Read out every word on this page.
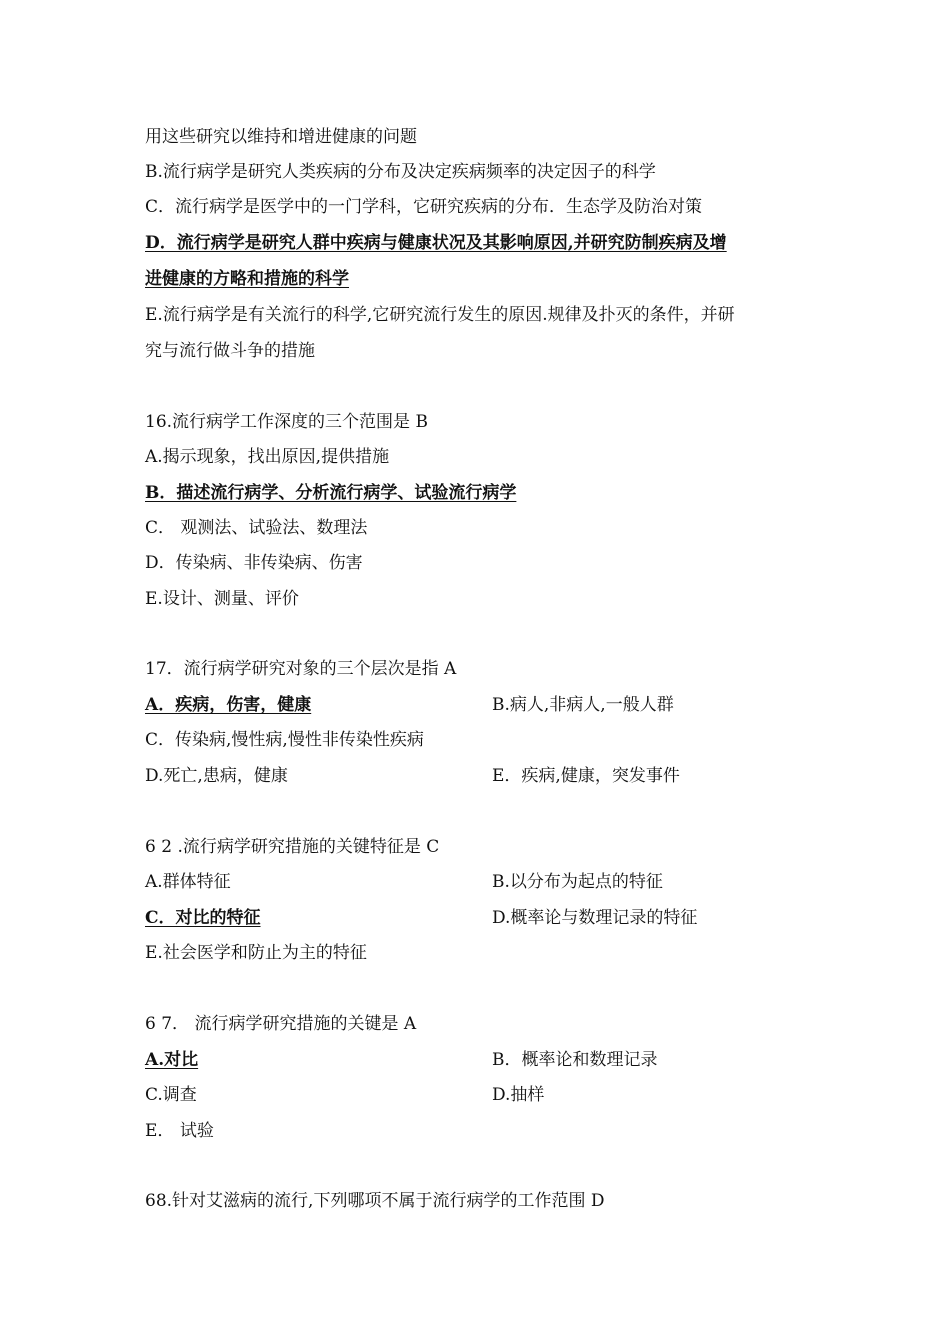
用这些研究以维持和增进健康的问题
B.流行病学是研究人类疾病的分布及决定疾病频率的决定因子的科学
C．流行病学是医学中的一门学科，它研究疾病的分布．生态学及防治对策
D．流行病学是研究人群中疾病与健康状况及其影响原因,并研究防制疾病及增
进健康的方略和措施的科学
E.流行病学是有关流行的科学,它研究流行发生的原因.规律及扑灭的条件，并研
究与流行做斗争的措施
16.流行病学工作深度的三个范围是 B
A.揭示现象，找出原因,提供措施
B．描述流行病学、分析流行病学、试验流行病学
C． 观测法、试验法、数理法
D．传染病、非传染病、伤害
E.设计、测量、评价
17．流行病学研究对象的三个层次是指 A
A．疾病，伤害，健康	B.病人,非病人,一般人群
C．传染病,慢性病,慢性非传染性疾病
D.死亡,患病，健康	E．疾病,健康，突发事件
6 2 .流行病学研究措施的关键特征是 C
A.群体特征	B.以分布为起点的特征
C．对比的特征	D.概率论与数理记录的特征
E.社会医学和防止为主的特征
6 7． 流行病学研究措施的关键是 A
A.对比	B．概率论和数理记录
C.调查	D.抽样
E． 试验
68.针对艾滋病的流行,下列哪项不属于流行病学的工作范围 D
